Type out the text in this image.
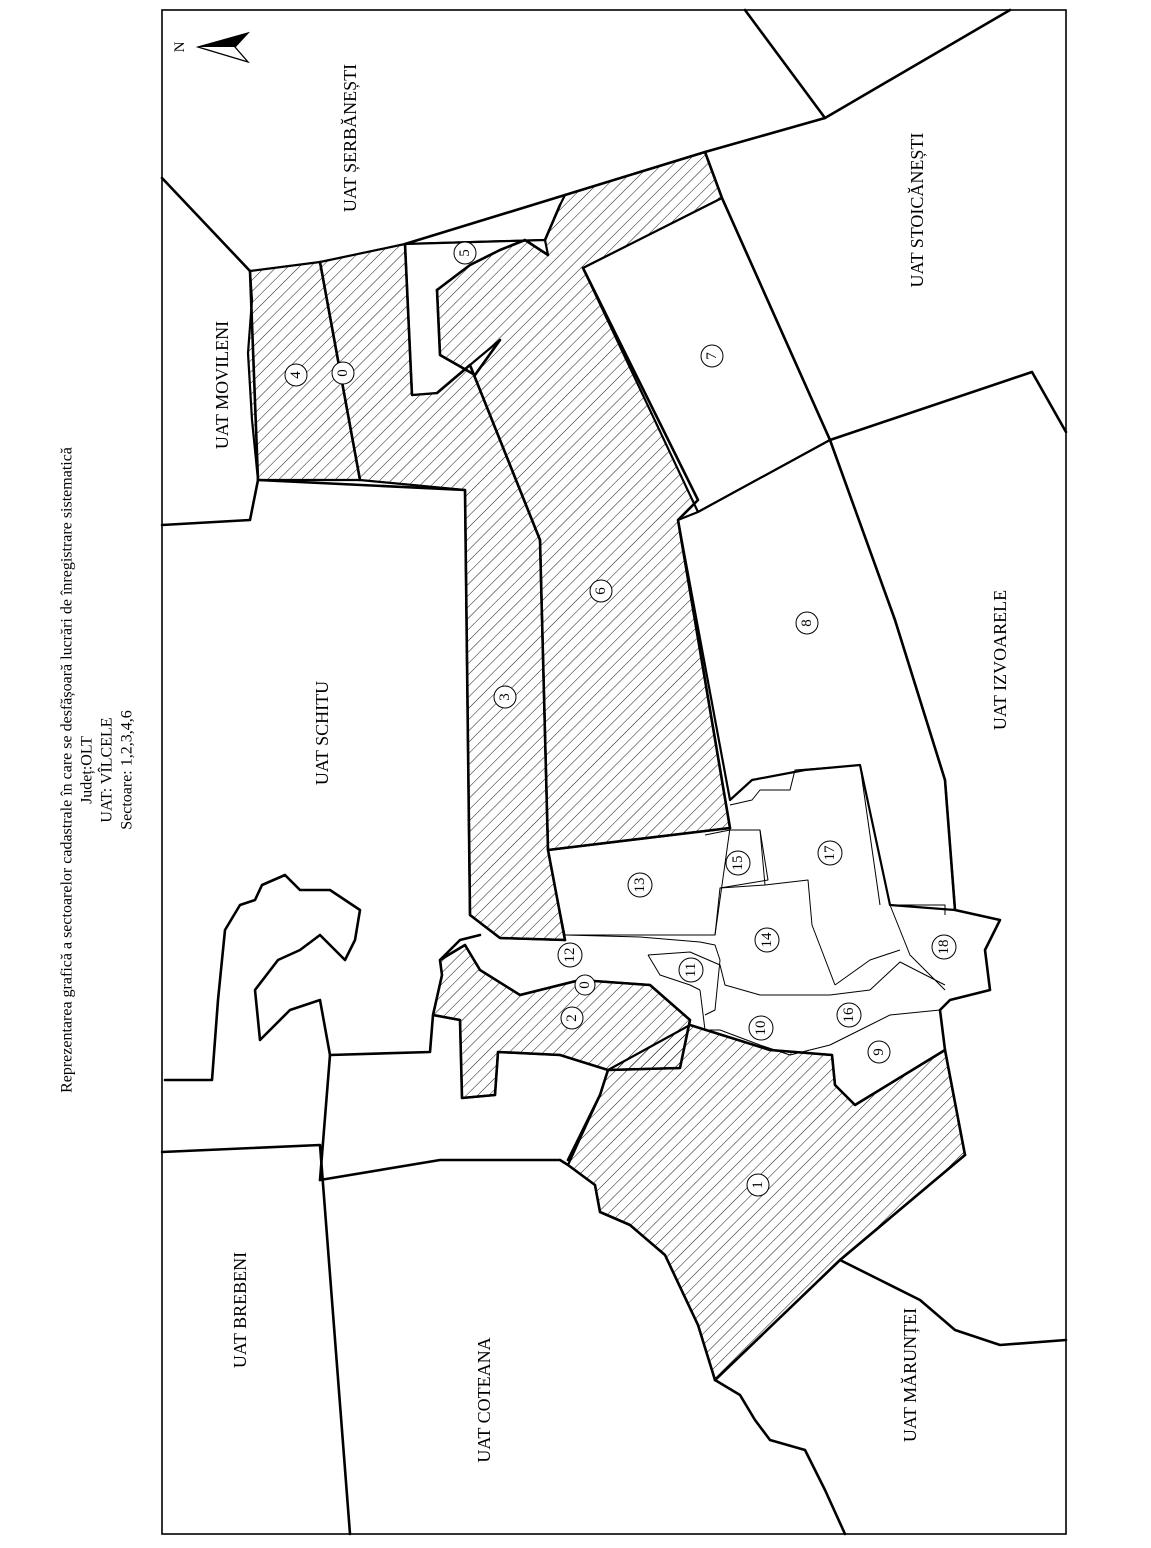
Reprezentarea grafică a sectoarelor cadastrale în care se desfășoară lucrări de înregistrare sistematică Județ:OLT UAT: VÎLCELE Sectoare: 1,2,3,4,6
N
UAT MOVILENI
UAT ȘERBĂNEȘTI	UAT STOICĂNEȘTI
UAT SCHITU
UAT IZVOARELE
UAT BREBENI
UAT COTEANA	UAT MĂRUNȚEI
4 0
5
7
6
8
3
13
15
17
14
12
0
2
11
10
16
18
9
1
